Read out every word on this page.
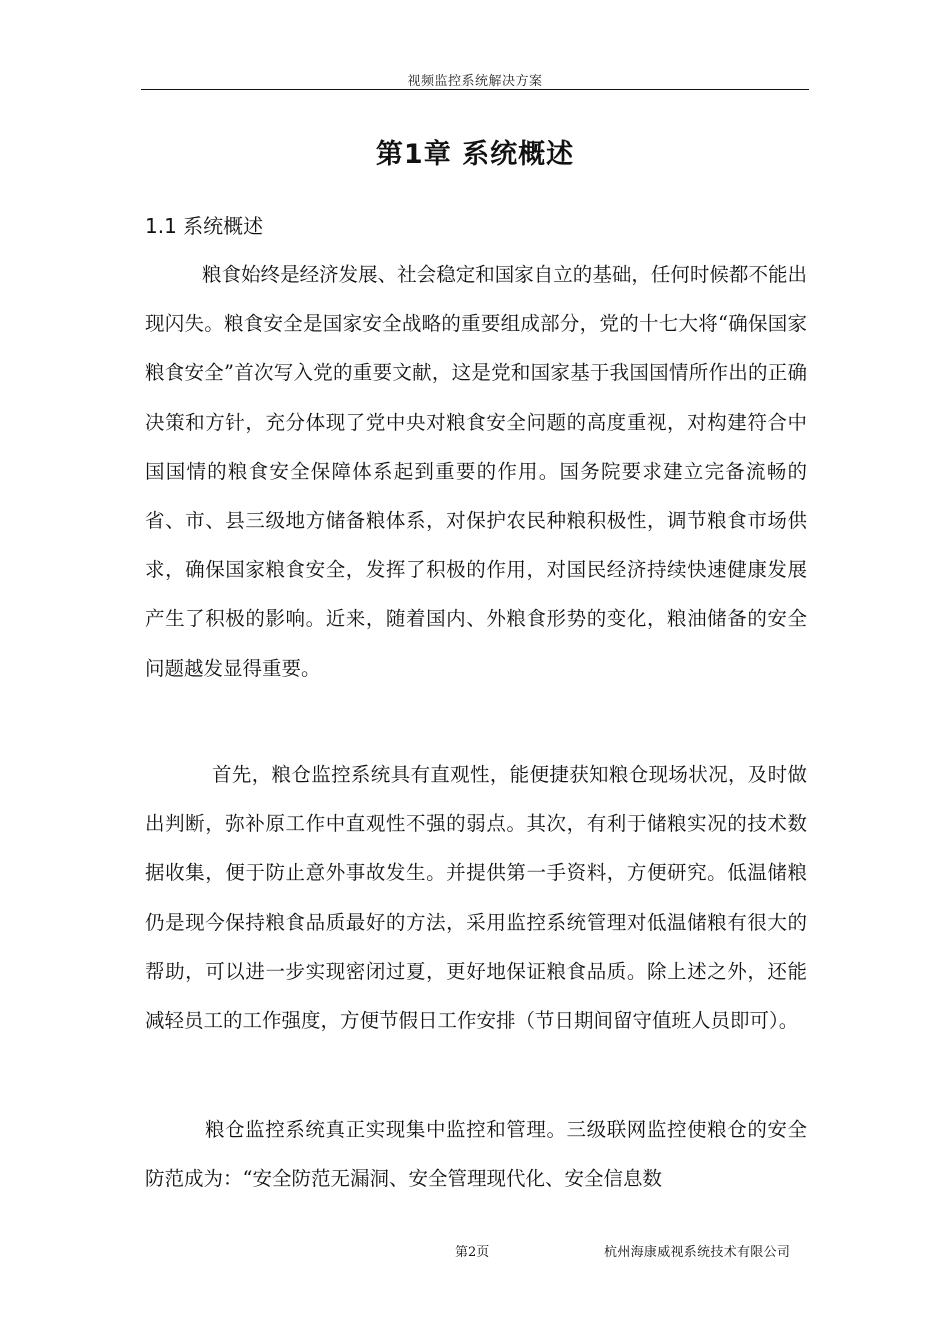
视频监控系统解决方案
第1章 系统概述
1.1 系统概述

粮食始终是经济发展、社会稳定和国家自立的基础，任何时候都不能出现闪失。粮食安全是国家安全战略的重要组成部分，党的十七大将“确保国家粮食安全”首次写入党的重要文献，这是党和国家基于我国国情所作出的正确决策和方针，充分体现了党中央对粮食安全问题的高度重视，对构建符合中国国情的粮食安全保障体系起到重要的作用。国务院要求建立完备流畅的省、市、县三级地方储备粮体系，对保护农民种粮积极性，调节粮食市场供求，确保国家粮食安全，发挥了积极的作用，对国民经济持续快速健康发展产生了积极的影响。近来，随着国内、外粮食形势的变化，粮油储备的安全问题越发显得重要。

首先，粮仓监控系统具有直观性，能便捷获知粮仓现场状况，及时做出判断，弥补原工作中直观性不强的弱点。其次，有利于储粮实况的技术数据收集，便于防止意外事故发生。并提供第一手资料，方便研究。低温储粮仍是现今保持粮食品质最好的方法，采用监控系统管理对低温储粮有很大的帮助，可以进一步实现密闭过夏，更好地保证粮食品质。除上述之外，还能减轻员工的工作强度，方便节假日工作安排（节日期间留守值班人员即可）。

粮仓监控系统真正实现集中监控和管理。三级联网监控使粮仓的安全防范成为：“安全防范无漏洞、安全管理现代化、安全信息数

第2页	杭州海康威视系统技术有限公司
